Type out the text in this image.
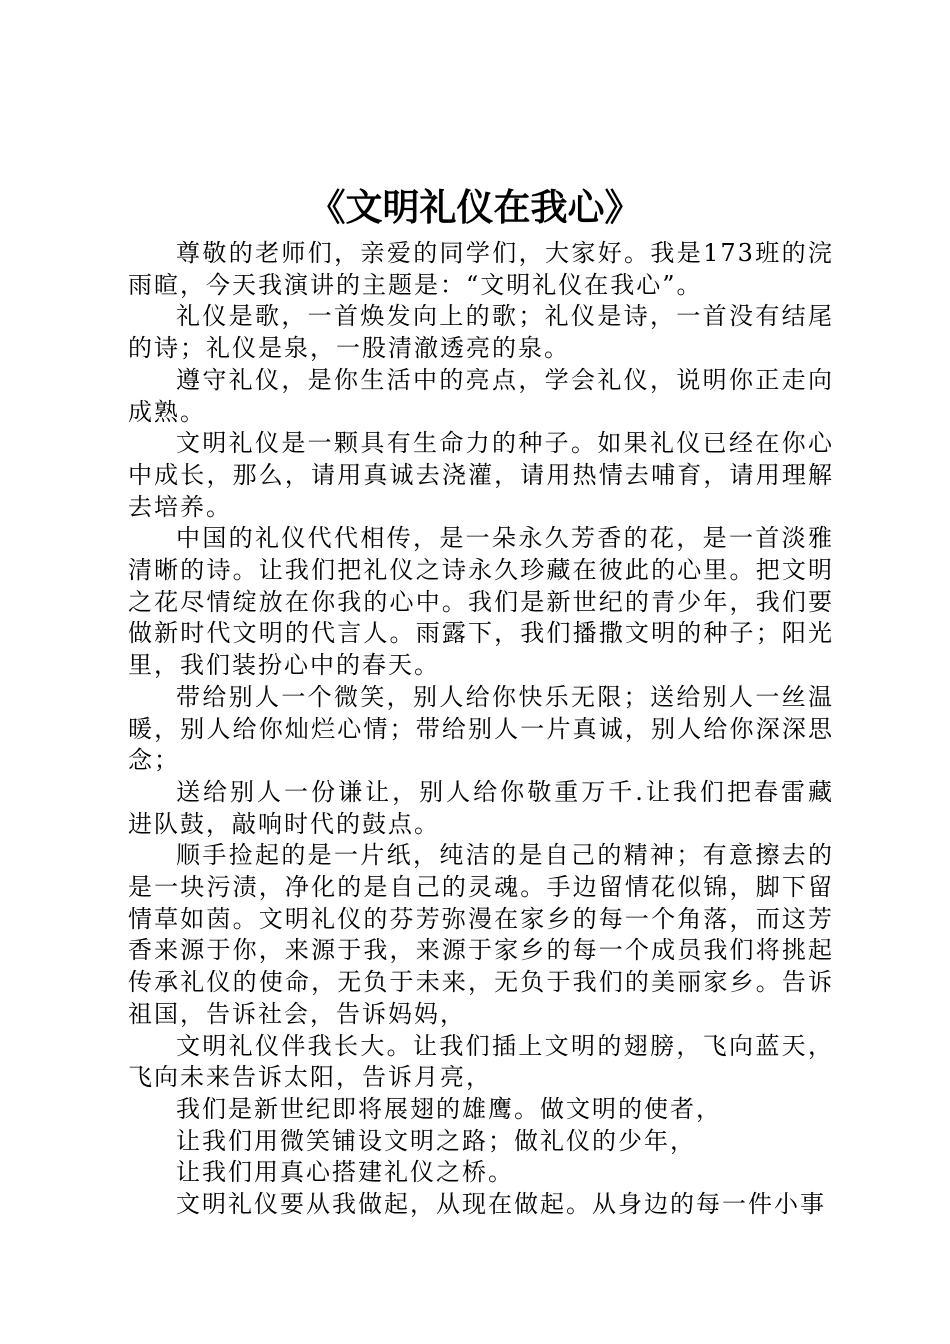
《文明礼仪在我心》

尊敬的老师们，亲爱的同学们，大家好。我是173班的浣雨暄，今天我演讲的主题是：“文明礼仪在我心”。

礼仪是歌，一首焕发向上的歌；礼仪是诗，一首没有结尾的诗；礼仪是泉，一股清澈透亮的泉。

遵守礼仪，是你生活中的亮点，学会礼仪，说明你正走向成熟。

文明礼仪是一颗具有生命力的种子。如果礼仪已经在你心中成长，那么，请用真诚去浇灌，请用热情去哺育，请用理解去培养。

中国的礼仪代代相传，是一朵永久芳香的花，是一首淡雅清晰的诗。让我们把礼仪之诗永久珍藏在彼此的心里。把文明之花尽情绽放在你我的心中。我们是新世纪的青少年，我们要做新时代文明的代言人。雨露下，我们播撒文明的种子；阳光里，我们装扮心中的春天。

带给别人一个微笑，别人给你快乐无限；送给别人一丝温暖，别人给你灿烂心情；带给别人一片真诚，别人给你深深思念；

送给别人一份谦让，别人给你敬重万千.让我们把春雷藏进队鼓，敲响时代的鼓点。

顺手捡起的是一片纸，纯洁的是自己的精神；有意擦去的是一块污渍，净化的是自己的灵魂。手边留情花似锦，脚下留情草如茵。文明礼仪的芬芳弥漫在家乡的每一个角落，而这芳香来源于你，来源于我，来源于家乡的每一个成员我们将挑起传承礼仪的使命，无负于未来，无负于我们的美丽家乡。告诉祖国，告诉社会，告诉妈妈，

文明礼仪伴我长大。让我们插上文明的翅膀，飞向蓝天，飞向未来告诉太阳，告诉月亮，

我们是新世纪即将展翅的雄鹰。做文明的使者，

让我们用微笑铺设文明之路；做礼仪的少年，

让我们用真心搭建礼仪之桥。

文明礼仪要从我做起，从现在做起。从身边的每一件小事
